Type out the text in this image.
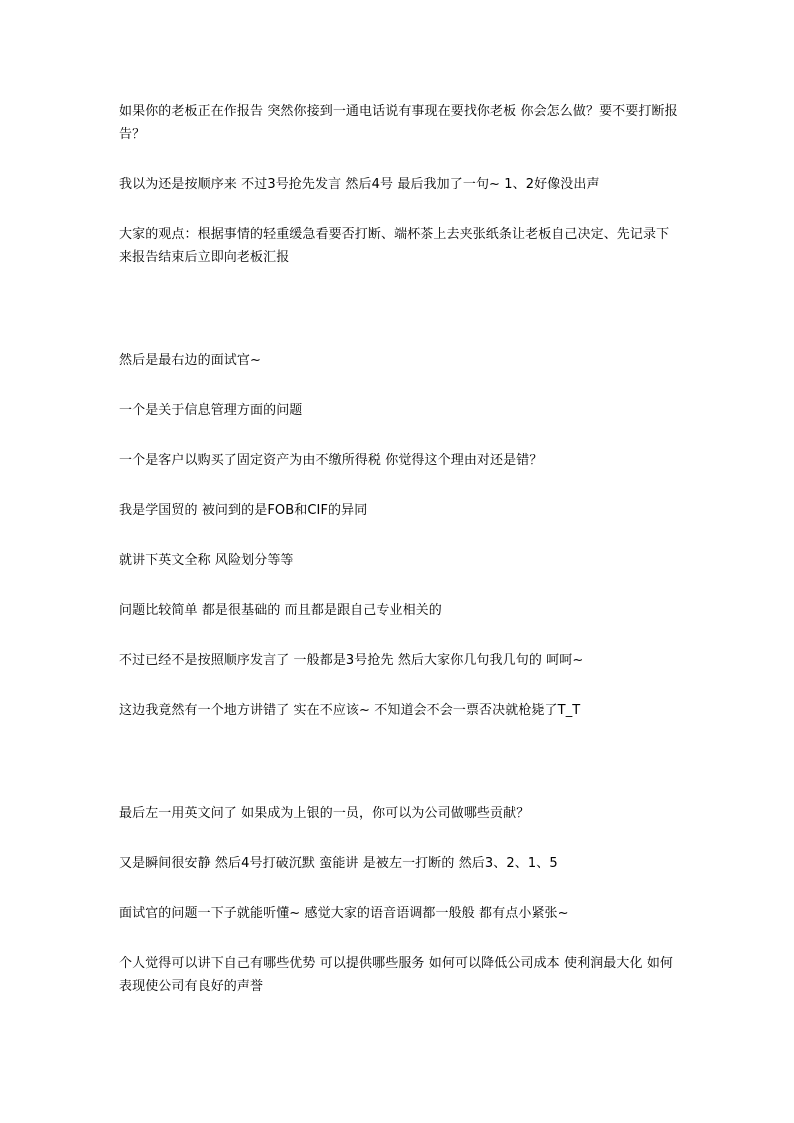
如果你的老板正在作报告 突然你接到一通电话说有事现在要找你老板 你会怎么做？要不要打断报告？

我以为还是按顺序来 不过3号抢先发言 然后4号 最后我加了一句~ 1、2好像没出声

大家的观点：根据事情的轻重缓急看要否打断、端杯茶上去夹张纸条让老板自己决定、先记录下来报告结束后立即向老板汇报

然后是最右边的面试官~

一个是关于信息管理方面的问题

一个是客户以购买了固定资产为由不缴所得税 你觉得这个理由对还是错？

我是学国贸的 被问到的是FOB和CIF的异同

就讲下英文全称 风险划分等等

问题比较简单 都是很基础的 而且都是跟自己专业相关的

不过已经不是按照顺序发言了 一般都是3号抢先 然后大家你几句我几句的 呵呵~

这边我竟然有一个地方讲错了 实在不应该~ 不知道会不会一票否决就枪毙了T_T

最后左一用英文问了 如果成为上银的一员，你可以为公司做哪些贡献？

又是瞬间很安静 然后4号打破沉默 蛮能讲 是被左一打断的 然后3、2、1、5

面试官的问题一下子就能听懂~ 感觉大家的语音语调都一般般 都有点小紧张~

个人觉得可以讲下自己有哪些优势 可以提供哪些服务 如何可以降低公司成本 使利润最大化 如何表现使公司有良好的声誉
